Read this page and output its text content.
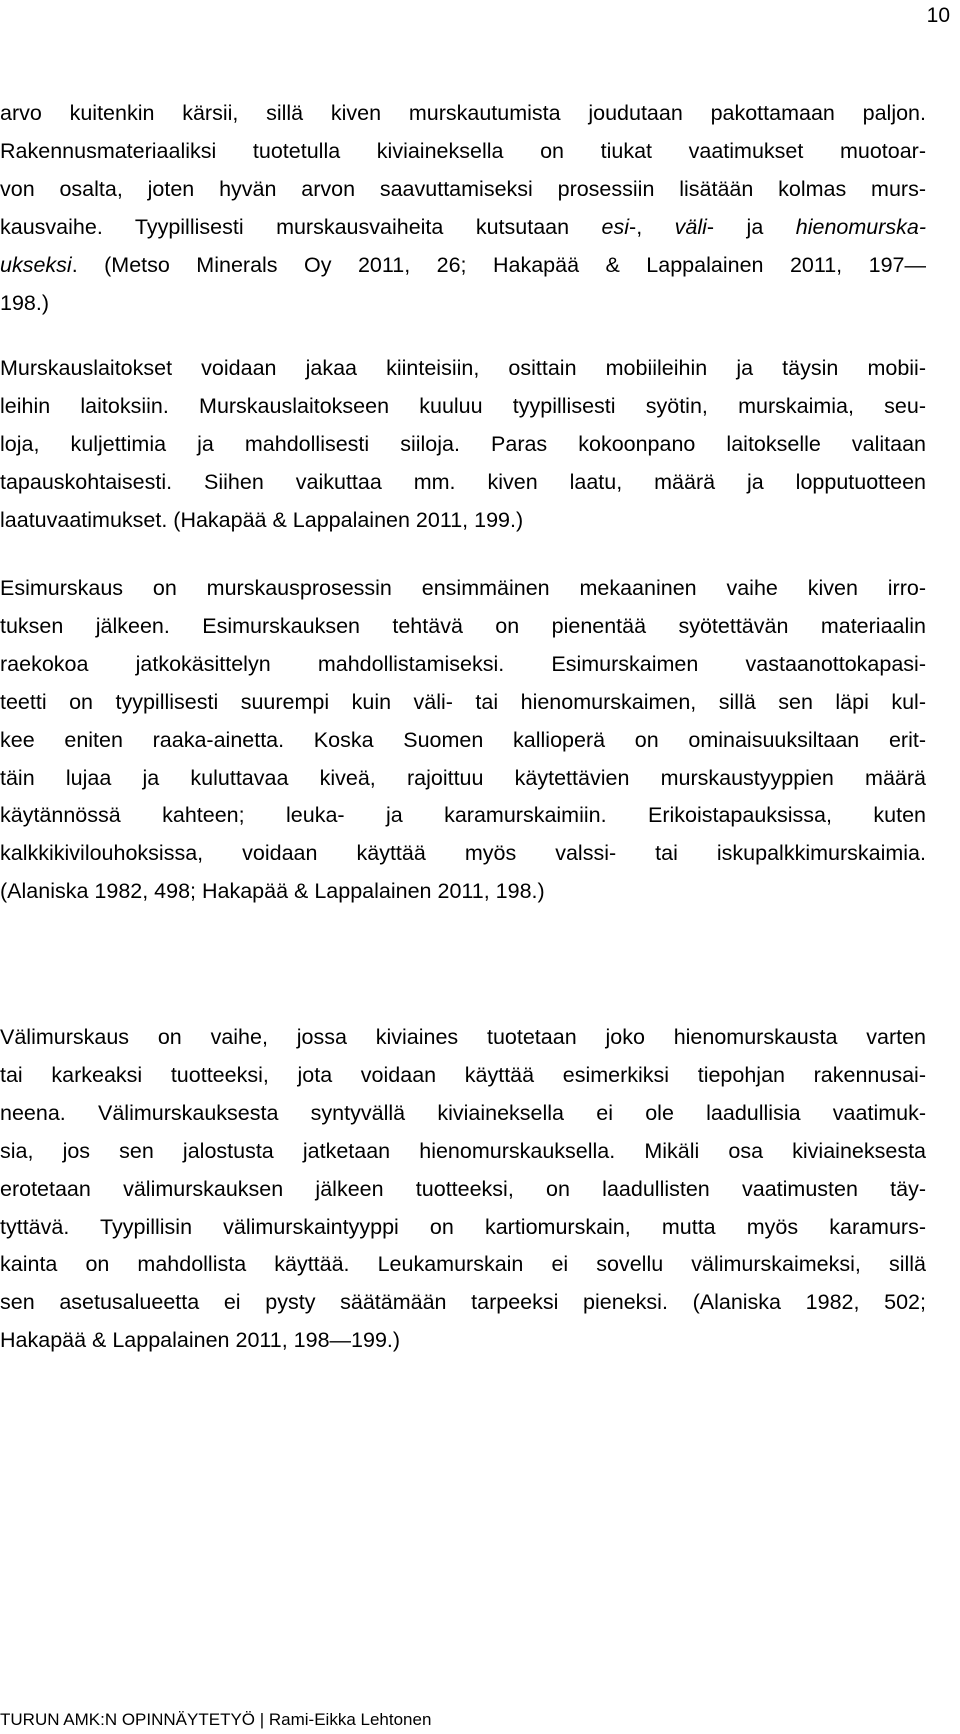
10
arvo kuitenkin kärsii, sillä kiven murskautumista joudutaan pakottamaan paljon.
Rakennusmateriaaliksi tuotetulla kiviaineksella on tiukat vaatimukset muotoar-
von osalta, joten hyvän arvon saavuttamiseksi prosessiin lisätään kolmas murs-
kausvaihe. Tyypillisesti murskausvaiheita kutsutaan esi-, väli- ja hienomurska-
ukseksi. (Metso Minerals Oy 2011, 26; Hakapää & Lappalainen 2011, 197—
198.)
Murskauslaitokset voidaan jakaa kiinteisiin, osittain mobiileihin ja täysin mobii-
leihin laitoksiin. Murskauslaitokseen kuuluu tyypillisesti syötin, murskaimia, seu-
loja, kuljettimia ja mahdollisesti siiloja. Paras kokoonpano laitokselle valitaan
tapauskohtaisesti. Siihen vaikuttaa mm. kiven laatu, määrä ja lopputuotteen
laatuvaatimukset. (Hakapää & Lappalainen 2011, 199.)
Esimurskaus on murskausprosessin ensimmäinen mekaaninen vaihe kiven irro-
tuksen jälkeen. Esimurskauksen tehtävä on pienentää syötettävän materiaalin
raekokoa jatkokäsittelyn mahdollistamiseksi. Esimurskaimen vastaanottokapasi-
teetti on tyypillisesti suurempi kuin väli- tai hienomurskaimen, sillä sen läpi kul-
kee eniten raaka-ainetta. Koska Suomen kallioperä on ominaisuuksiltaan erit-
täin lujaa ja kuluttavaa kiveä, rajoittuu käytettävien murskaustyyppien määrä
käytännössä kahteen; leuka- ja karamurskaimiin. Erikoistapauksissa, kuten
kalkkikivilouhoksissa, voidaan käyttää myös valssi- tai iskupalkkimurskaimia.
(Alaniska 1982, 498; Hakapää & Lappalainen 2011, 198.)
Välimurskaus on vaihe, jossa kiviaines tuotetaan joko hienomurskausta varten
tai karkeaksi tuotteeksi, jota voidaan käyttää esimerkiksi tiepohjan rakennusai-
neena. Välimurskauksesta syntyvällä kiviaineksella ei ole laadullisia vaatimuk-
sia, jos sen jalostusta jatketaan hienomurskauksella. Mikäli osa kiviaineksesta
erotetaan välimurskauksen jälkeen tuotteeksi, on laadullisten vaatimusten täy-
tyttävä. Tyypillisin välimurskaintyyppi on kartiomurskain, mutta myös karamurs-
kainta on mahdollista käyttää. Leukamurskain ei sovellu välimurskaimeksi, sillä
sen asetusalueetta ei pysty säätämään tarpeeksi pieneksi. (Alaniska 1982, 502;
Hakapää & Lappalainen 2011, 198—199.)
TURUN AMK:N OPINNÄYTETYÖ | Rami-Eikka Lehtonen
